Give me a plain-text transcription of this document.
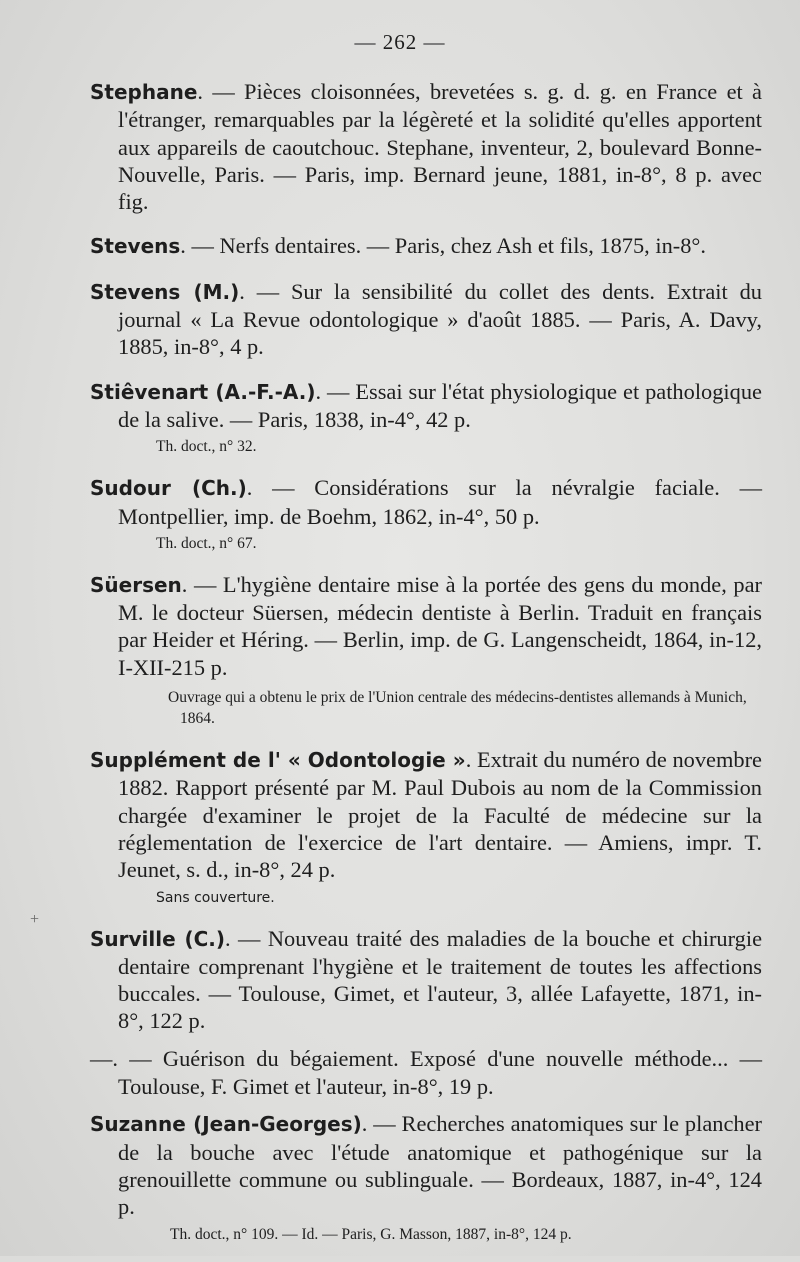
— 262 —
+

Stephane. — Pièces cloisonnées, brevetées s. g. d. g. en France et à l'étranger, remarquables par la légèreté et la solidité qu'elles apportent aux appareils de caoutchouc. Stephane, inventeur, 2, boulevard Bonne-Nouvelle, Paris. — Paris, imp. Bernard jeune, 1881, in-8°, 8 p. avec fig.

Stevens. — Nerfs dentaires. — Paris, chez Ash et fils, 1875, in-8°.

Stevens (M.). — Sur la sensibilité du collet des dents. Extrait du journal « La Revue odontologique » d'août 1885. — Paris, A. Davy, 1885, in-8°, 4 p.

Stiêvenart (A.-F.-A.). — Essai sur l'état physiologique et pathologique de la salive. — Paris, 1838, in-4°, 42 p.

Th. doct., n° 32.

Sudour (Ch.). — Considérations sur la névralgie faciale. — Montpellier, imp. de Boehm, 1862, in-4°, 50 p.

Th. doct., n° 67.

Süersen. — L'hygiène dentaire mise à la portée des gens du monde, par M. le docteur Süersen, médecin dentiste à Berlin. Traduit en français par Heider et Héring. — Berlin, imp. de G. Langenscheidt, 1864, in-12, I-XII-215 p.

Ouvrage qui a obtenu le prix de l'Union centrale des médecins-dentistes allemands à Munich, 1864.

Supplément de l' « Odontologie ». Extrait du numéro de novembre 1882. Rapport présenté par M. Paul Dubois au nom de la Commission chargée d'examiner le projet de la Faculté de médecine sur la réglementation de l'exercice de l'art dentaire. — Amiens, impr. T. Jeunet, s. d., in-8°, 24 p.

Sans couverture.

Surville (C.). — Nouveau traité des maladies de la bouche et chirurgie dentaire comprenant l'hygiène et le traitement de toutes les affections buccales. — Toulouse, Gimet, et l'auteur, 3, allée Lafayette, 1871, in-8°, 122 p.

—. — Guérison du bégaiement. Exposé d'une nouvelle méthode... — Toulouse, F. Gimet et l'auteur, in-8°, 19 p.

Suzanne (Jean-Georges). — Recherches anatomiques sur le plancher de la bouche avec l'étude anatomique et pathogénique sur la grenouillette commune ou sublinguale. — Bordeaux, 1887, in-4°, 124 p.

Th. doct., n° 109. — Id. — Paris, G. Masson, 1887, in-8°, 124 p.
